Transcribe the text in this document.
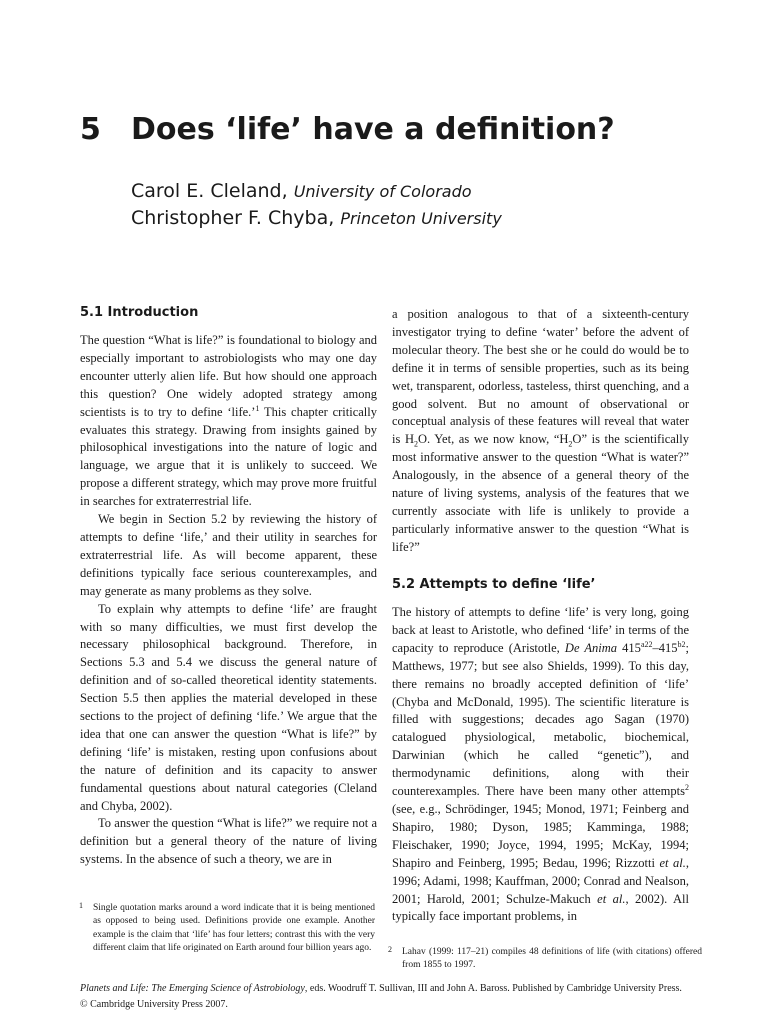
5 Does ‘life’ have a definition?
Carol E. Cleland, University of Colorado
Christopher F. Chyba, Princeton University
5.1 Introduction

The question “What is life?” is foundational to biology and especially important to astrobiologists who may one day encounter utterly alien life. But how should one approach this question? One widely adopted strategy among scientists is to try to define ‘life.’$^1$ This chapter critically evaluates this strategy. Drawing from insights gained by philosophical investigations into the nature of logic and language, we argue that it is unlikely to succeed. We propose a different strategy, which may prove more fruitful in searches for extraterrestrial life.

We begin in Section 5.2 by reviewing the history of attempts to define ‘life,’ and their utility in searches for extraterrestrial life. As will become apparent, these definitions typically face serious counterexamples, and may generate as many problems as they solve.

To explain why attempts to define ‘life’ are fraught with so many difficulties, we must first develop the necessary philosophical background. Therefore, in Sections 5.3 and 5.4 we discuss the general nature of definition and of so-called theoretical identity statements. Section 5.5 then applies the material developed in these sections to the project of defining ‘life.’ We argue that the idea that one can answer the question “What is life?” by defining ‘life’ is mistaken, resting upon confusions about the nature of definition and its capacity to answer fundamental questions about natural categories (Cleland and Chyba, 2002).

To answer the question “What is life?” we require not a definition but a general theory of the nature of living systems. In the absence of such a theory, we are in

a position analogous to that of a sixteenth-century investigator trying to define ‘water’ before the advent of molecular theory. The best she or he could do would be to define it in terms of sensible properties, such as its being wet, transparent, odorless, tasteless, thirst quenching, and a good solvent. But no amount of observational or conceptual analysis of these features will reveal that water is $H_2O$. Yet, as we now know, “$H_2O$” is the scientifically most informative answer to the question “What is water?” Analogously, in the absence of a general theory of the nature of living systems, analysis of the features that we currently associate with life is unlikely to provide a particularly informative answer to the question “What is life?”

5.2 Attempts to define ‘life’

The history of attempts to define ‘life’ is very long, going back at least to Aristotle, who defined ‘life’ in terms of the capacity to reproduce (Aristotle, De Anima $415^{a22}-415^{b2}$; Matthews, 1977; but see also Shields, 1999). To this day, there remains no broadly accepted definition of ‘life’ (Chyba and McDonald, 1995). The scientific literature is filled with suggestions; decades ago Sagan (1970) catalogued physiological, metabolic, biochemical, Darwinian (which he called “genetic”), and thermodynamic definitions, along with their counterexamples. There have been many other attempts$^2$ (see, e.g., Schrödinger, 1945; Monod, 1971; Feinberg and Shapiro, 1980; Dyson, 1985; Kamminga, 1988; Fleischaker, 1990; Joyce, 1994, 1995; McKay, 1994; Shapiro and Feinberg, 1995; Bedau, 1996; Rizzotti et al., 1996; Adami, 1998; Kauffman, 2000; Conrad and Nealson, 2001; Harold, 2001; Schulze-Makuch et al., 2002). All typically face important problems, in

1 Single quotation marks around a word indicate that it is being mentioned as opposed to being used. Definitions provide one example. Another example is the claim that ‘life’ has four letters; contrast this with the very different claim that life originated on Earth around four billion years ago.	2 Lahav (1999: 117–21) compiles 48 definitions of life (with citations) offered from 1855 to 1997.
Planets and Life: The Emerging Science of Astrobiology, eds. Woodruff T. Sullivan, III and John A. Baross. Published by Cambridge University Press. © Cambridge University Press 2007.
